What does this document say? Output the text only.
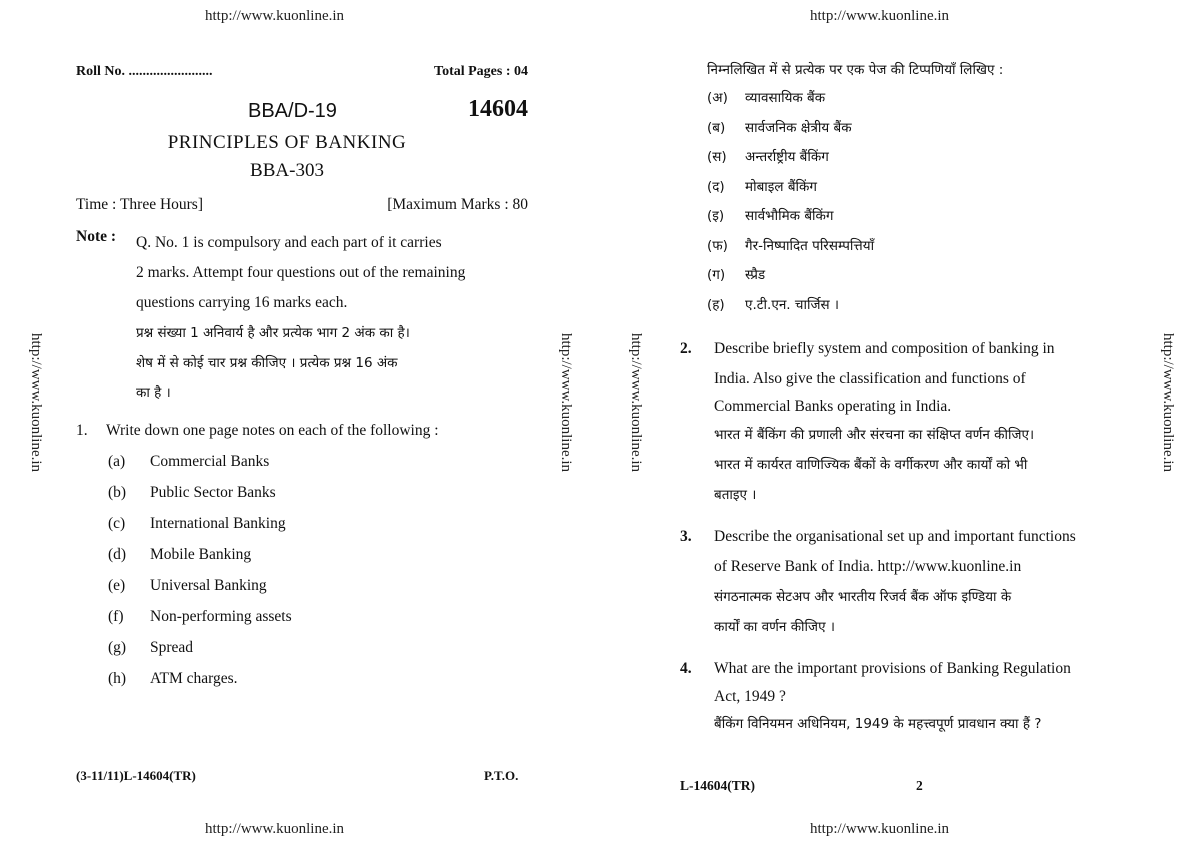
http://www.kuonline.in	http://www.kuonline.in
http://www.kuonline.in	http://www.kuonline.in
http://www.kuonline.in	http://www.kuonline.in	http://www.kuonline.in	http://www.kuonline.in
Roll No. ........................	Total Pages : 04
BBA/D-19	14604
PRINCIPLES OF BANKING
BBA-303
Time : Three Hours]	[Maximum Marks : 80
Note : Q. No. 1 is compulsory and each part of it carries
2 marks. Attempt four questions out of the remaining
questions carrying 16 marks each.
प्रश्न संख्या 1 अनिवार्य है और प्रत्येक भाग 2 अंक का है।
शेष में से कोई चार प्रश्न कीजिए । प्रत्येक प्रश्न 16 अंक
का है ।
1.	Write down one page notes on each of the following :
(a) Commercial Banks
(b) Public Sector Banks
(c) International Banking
(d) Mobile Banking
(e) Universal Banking
(f) Non-performing assets
(g) Spread
(h) ATM charges.
(3-11/11)L-14604(TR)	P.T.O.
निम्नलिखित में से प्रत्येक पर एक पेज की टिप्पणियाँ लिखिए :
(अ) व्यावसायिक बैंक
(ब) सार्वजनिक क्षेत्रीय बैंक
(स) अन्तर्राष्ट्रीय बैंकिंग
(द) मोबाइल बैंकिंग
(इ) सार्वभौमिक बैंकिंग
(फ) गैर-निष्पादित परिसम्पत्तियाँ
(ग) स्प्रैड
(ह) ए.टी.एन. चार्जिस ।
2.	Describe briefly system and composition of banking in
India. Also give the classification and functions of
Commercial Banks operating in India.
भारत में बैंकिंग की प्रणाली और संरचना का संक्षिप्त वर्णन कीजिए।
भारत में कार्यरत वाणिज्यिक बैंकों के वर्गीकरण और कार्यों को भी
बताइए ।
3.	Describe the organisational set up and important functions
of Reserve Bank of India. http://www.kuonline.in
संगठनात्मक सेटअप और भारतीय रिजर्व बैंक ऑफ इण्डिया के
कार्यों का वर्णन कीजिए ।
4.	What are the important provisions of Banking Regulation
Act, 1949 ?
बैंकिंग विनियमन अधिनियम, 1949 के महत्त्वपूर्ण प्रावधान क्या हैं ?
L-14604(TR)	2
